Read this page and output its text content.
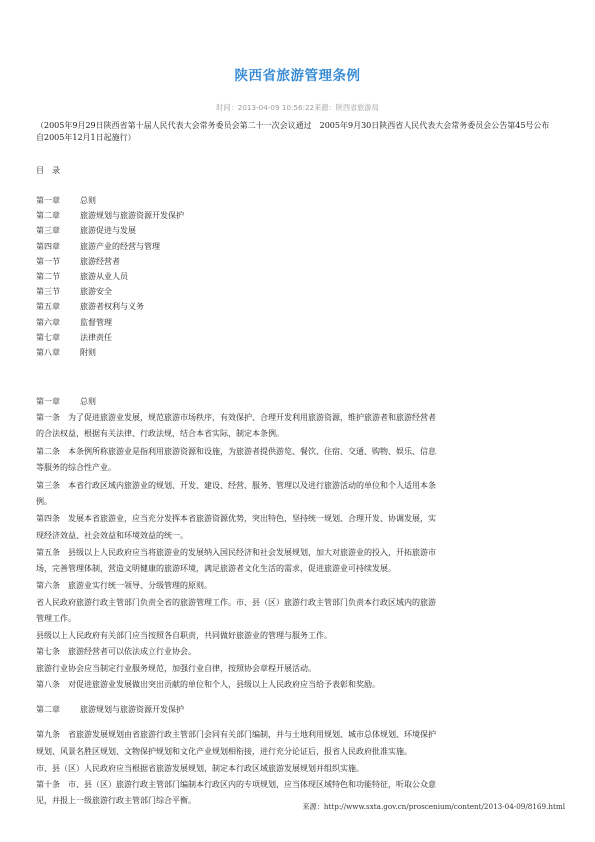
陕西省旅游管理条例
时间：2013-04-09 10:56:22来源：陕西省旅游局
（2005年9月29日陕西省第十届人民代表大会常务委员会第二十一次会议通过　2005年9月30日陕西省人民代表大会常务委员会公告第45号公布　自2005年12月1日起施行）
目　录
第一章	总则
第二章	旅游规划与旅游资源开发保护
第三章	旅游促进与发展
第四章	旅游产业的经营与管理
第一节	旅游经营者
第二节	旅游从业人员
第三节	旅游安全
第五章	旅游者权利与义务
第六章	监督管理
第七章	法律责任
第八章	附则
第一章	总则
第一条　为了促进旅游业发展，规范旅游市场秩序，有效保护、合理开发利用旅游资源，维护旅游者和旅游经营者
的合法权益，根据有关法律、行政法规，结合本省实际，制定本条例。
第二条　本条例所称旅游业是指利用旅游资源和设施，为旅游者提供游览、餐饮、住宿、交通、购物、娱乐、信息
等服务的综合性产业。
第三条　本省行政区域内旅游业的规划、开发、建设、经营、服务、管理以及进行旅游活动的单位和个人适用本条
例。
第四条　发展本省旅游业，应当充分发挥本省旅游资源优势，突出特色，坚持统一规划、合理开发、协调发展，实
现经济效益、社会效益和环境效益的统一。
第五条　县级以上人民政府应当将旅游业的发展纳入国民经济和社会发展规划，加大对旅游业的投入，开拓旅游市
场，完善管理体制，营造文明健康的旅游环境，满足旅游者文化生活的需求，促进旅游业可持续发展。
第六条　旅游业实行统一领导、分级管理的原则。
省人民政府旅游行政主管部门负责全省的旅游管理工作。市、县（区）旅游行政主管部门负责本行政区域内的旅游
管理工作。
县级以上人民政府有关部门应当按照各自职责，共同做好旅游业的管理与服务工作。
第七条　旅游经营者可以依法成立行业协会。
旅游行业协会应当制定行业服务规范，加强行业自律，按照协会章程开展活动。
第八条　对促进旅游业发展做出突出贡献的单位和个人，县级以上人民政府应当给予表彰和奖励。
第二章	旅游规划与旅游资源开发保护
第九条　省旅游发展规划由省旅游行政主管部门会同有关部门编制，并与土地利用规划、城市总体规划、环境保护
规划、风景名胜区规划、文物保护规划和文化产业规划相衔接，进行充分论证后，报省人民政府批准实施。
市、县（区）人民政府应当根据省旅游发展规划，制定本行政区域旅游发展规划并组织实施。
第十条　市、县（区）旅游行政主管部门编制本行政区内的专项规划，应当体现区域特色和功能特征，听取公众意
见，并报上一级旅游行政主管部门综合平衡。
来源：http://www.sxta.gov.cn/proscenium/content/2013-04-09/8169.html
